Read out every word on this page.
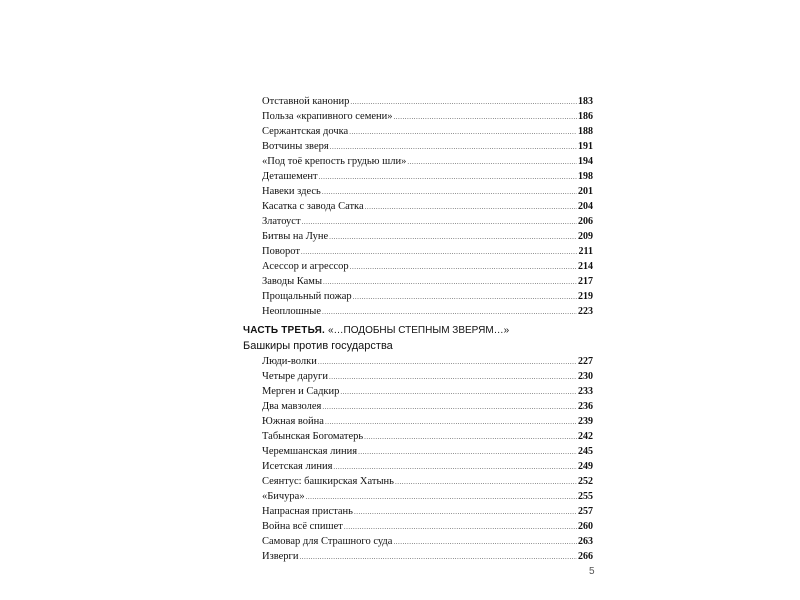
Отставной канонир .....	183
Польза «крапивного семени» .....	186
Сержантская дочка .....	188
Вотчины зверя .....	191
«Под тоё крепость грудью шли» .....	194
Деташемент .....	198
Навеки здесь .....	201
Касатка с завода Сатка .....	204
Златоуст .....	206
Битвы на Луне .....	209
Поворот .....	211
Асессор и агрессор .....	214
Заводы Камы .....	217
Прощальный пожар .....	219
Неоплошные .....	223
ЧАСТЬ ТРЕТЬЯ. «…ПОДОБНЫ СТЕПНЫМ ЗВЕРЯМ…»
Башкиры против государства
Люди-волки .....	227
Четыре даруги .....	230
Мерген и Садкир .....	233
Два мавзолея .....	236
Южная война .....	239
Табынская Богоматерь .....	242
Черемшанская линия .....	245
Исетская линия .....	249
Сеянтус: башкирская Хатынь .....	252
«Бичура» .....	255
Напрасная пристань .....	257
Война всё спишет .....	260
Самовар для Страшного суда .....	263
Изверги .....	266
5
